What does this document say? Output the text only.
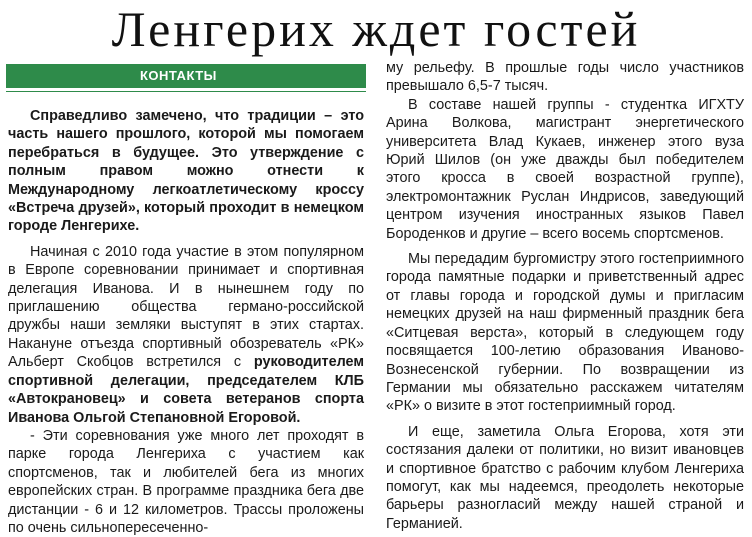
Ленгерих ждет гостей
КОНТАКТЫ

Справедливо замечено, что традиции – это часть нашего прошлого, которой мы помогаем перебраться в будущее. Это утверждение с полным правом можно отнести к Международному легкоатлетическому кроссу «Встреча друзей», который проходит в немецком городе Ленгерихе.

Начиная с 2010 года участие в этом популярном в Европе соревновании принимает и спортивная делегация Иванова. И в нынешнем году по приглашению общества германо-российской дружбы наши земляки выступят в этих стартах. Накануне отъезда спортивный обозреватель «РК» Альберт Скобцов встретился с руководителем спортивной делегации, председателем КЛБ «Автокрановец» и совета ветеранов спорта Иванова Ольгой Степановной Егоровой.

- Эти соревнования уже много лет проходят в парке города Ленгериха с участием как спортсменов, так и любителей бега из многих европейских стран. В программе праздника бега две дистанции - 6 и 12 километров. Трассы проложены по очень сильнопересеченно-

му рельефу. В прошлые годы число участников превышало 6,5-7 тысяч.

В составе нашей группы - студентка ИГХТУ Арина Волкова, магистрант энергетического университета Влад Кукаев, инженер этого вуза Юрий Шилов (он уже дважды был победителем этого кросса в своей возрастной группе), электромонтажник Руслан Индрисов, заведующий центром изучения иностранных языков Павел Бороденков и другие – всего восемь спортсменов.

Мы передадим бургомистру этого гостеприимного города памятные подарки и приветственный адрес от главы города и городской думы и пригласим немецких друзей на наш фирменный праздник бега «Ситцевая верста», который в следующем году посвящается 100-летию образования Иваново-Вознесенской губернии. По возвращении из Германии мы обязательно расскажем читателям «РК» о визите в этот гостеприимный город.

И еще, заметила Ольга Егорова, хотя эти состязания далеки от политики, но визит ивановцев и спортивное братство с рабочим клубом Ленгериха помогут, как мы надеемся, преодолеть некоторые барьеры разногласий между нашей страной и Германией.
